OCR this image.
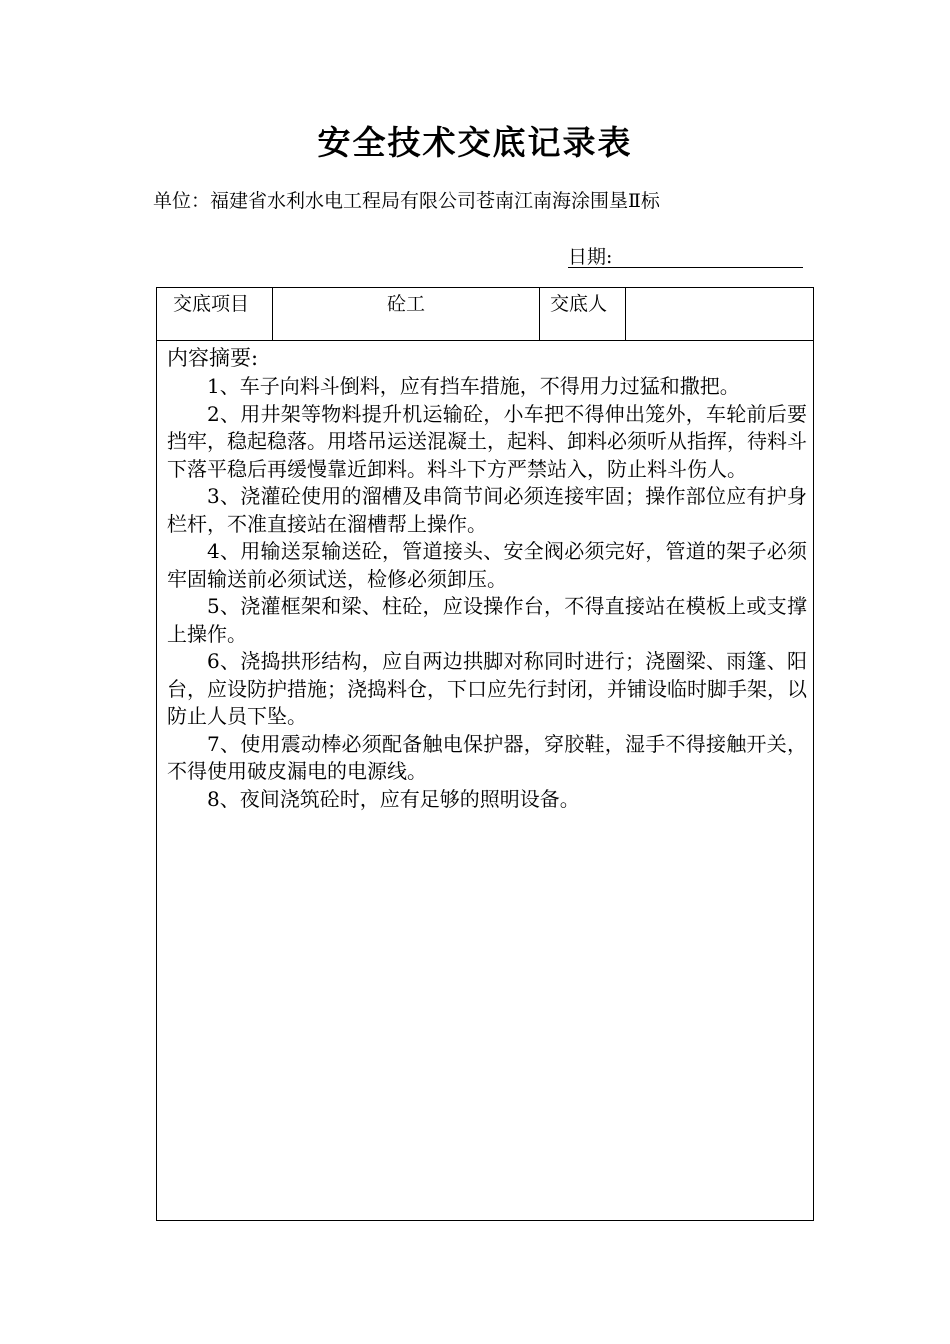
安全技术交底记录表
单位：福建省水利水电工程局有限公司苍南江南海涂围垦Ⅱ标
日期:
交底项目	砼工	交底人

内容摘要:

1、车子向料斗倒料，应有挡车措施，不得用力过猛和撒把。

2、用井架等物料提升机运输砼，小车把不得伸出笼外，车轮前后要挡牢，稳起稳落。用塔吊运送混凝土，起料、卸料必须听从指挥，待料斗下落平稳后再缓慢靠近卸料。料斗下方严禁站入，防止料斗伤人。

3、浇灌砼使用的溜槽及串筒节间必须连接牢固；操作部位应有护身栏杆，不准直接站在溜槽帮上操作。

4、用输送泵输送砼，管道接头、安全阀必须完好，管道的架子必须牢固输送前必须试送，检修必须卸压。

5、浇灌框架和梁、柱砼，应设操作台，不得直接站在模板上或支撑上操作。

6、浇捣拱形结构，应自两边拱脚对称同时进行；浇圈梁、雨篷、阳台，应设防护措施；浇捣料仓，下口应先行封闭，并铺设临时脚手架，以防止人员下坠。

7、使用震动棒必须配备触电保护器，穿胶鞋，湿手不得接触开关，不得使用破皮漏电的电源线。

8、夜间浇筑砼时，应有足够的照明设备。
